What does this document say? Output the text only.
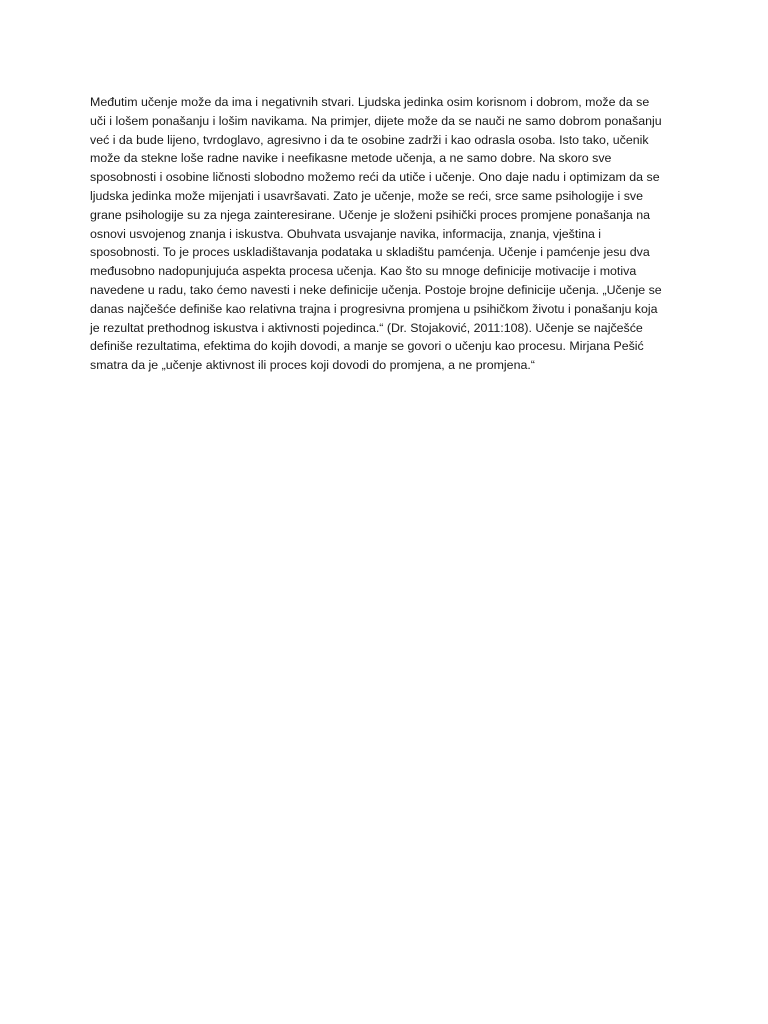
Međutim učenje može da ima i negativnih stvari. Ljudska jedinka osim korisnom i dobrom, može da se
uči i lošem ponašanju i lošim navikama. Na primjer, dijete može da se nauči ne samo dobrom ponašanju
već i da bude lijeno, tvrdoglavo, agresivno i da te osobine zadrži i kao odrasla osoba. Isto tako, učenik
može da stekne loše radne navike i neefikasne metode učenja, a ne samo dobre. Na skoro sve
sposobnosti i osobine ličnosti slobodno možemo reći da utiče i učenje. Ono daje nadu i optimizam da se
ljudska jedinka može mijenjati i usavršavati. Zato je učenje, može se reći, srce same psihologije i sve
grane psihologije su za njega zainteresirane. Učenje je složeni psihički proces promjene ponašanja na
osnovi usvojenog znanja i iskustva. Obuhvata usvajanje navika, informacija, znanja, vještina i
sposobnosti. To je proces uskladištavanja podataka u skladištu pamćenja. Učenje i pamćenje jesu dva
međusobno nadopunjujuća aspekta procesa učenja. Kao što su mnoge definicije motivacije i motiva
navedene u radu, tako ćemo navesti i neke definicije učenja. Postoje brojne definicije učenja. „Učenje se
danas najčešće definiše kao relativna trajna i progresivna promjena u psihičkom životu i ponašanju koja
je rezultat prethodnog iskustva i aktivnosti pojedinca.“ (Dr. Stojaković, 2011:108). Učenje se najčešće
definiše rezultatima, efektima do kojih dovodi, a manje se govori o učenju kao procesu. Mirjana Pešić
smatra da je „učenje aktivnost ili proces koji dovodi do promjena, a ne promjena.“
